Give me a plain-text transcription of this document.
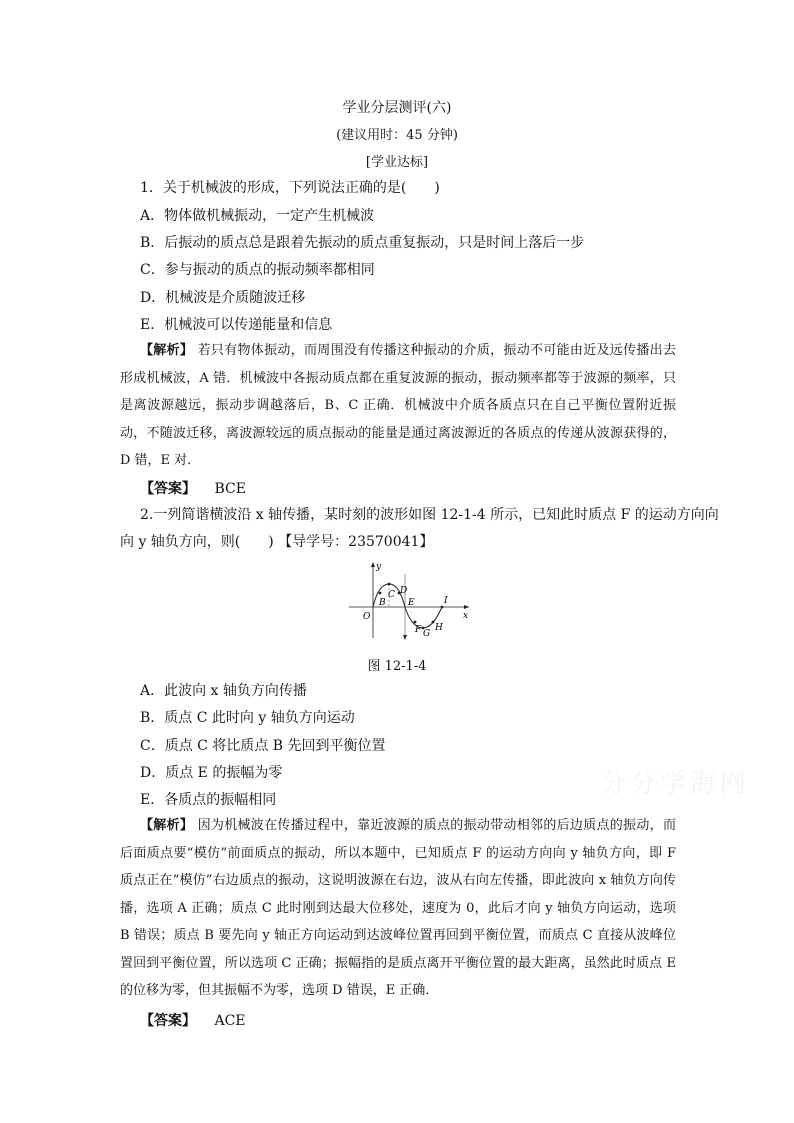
学业分层测评(六)
(建议用时：45 分钟)
[学业达标]
1．关于机械波的形成，下列说法正确的是(　　)
A．物体做机械振动，一定产生机械波
B．后振动的质点总是跟着先振动的质点重复振动，只是时间上落后一步
C．参与振动的质点的振动频率都相同
D．机械波是介质随波迁移
E．机械波可以传递能量和信息
【解析】 若只有物体振动，而周围没有传播这种振动的介质，振动不可能由近及远传播出去形成机械波，A 错．机械波中各振动质点都在重复波源的振动，振动频率都等于波源的频率，只是离波源越远，振动步调越落后，B、C 正确．机械波中介质各质点只在自己平衡位置附近振动，不随波迁移，离波源较远的质点振动的能量是通过离波源近的各质点的传递从波源获得的，D 错，E 对．
【答案】 BCE
2.一列简谐横波沿 x 轴传播，某时刻的波形如图 12-1-4 所示，已知此时质点 F 的运动方向向
向 y 轴负方向，则(　　) 【导学号：23570041】
y
x
O
B
C D
E
F G
H
I
图 12-1-4
A．此波向 x 轴负方向传播
B．质点 C 此时向 y 轴负方向运动
C．质点 C 将比质点 B 先回到平衡位置
D．质点 E 的振幅为零
E．各质点的振幅相同
分分学海网
【解析】 因为机械波在传播过程中，靠近波源的质点的振动带动相邻的后边质点的振动，而后面质点要“模仿”前面质点的振动，所以本题中，已知质点 F 的运动方向向 y 轴负方向，即 F 质点正在“模仿”右边质点的振动，这说明波源在右边，波从右向左传播，即此波向 x 轴负方向传播，选项 A 正确；质点 C 此时刚到达最大位移处，速度为 0，此后才向 y 轴负方向运动，选项 B 错误；质点 B 要先向 y 轴正方向运动到达波峰位置再回到平衡位置，而质点 C 直接从波峰位置回到平衡位置，所以选项 C 正确；振幅指的是质点离开平衡位置的最大距离，虽然此时质点 E 的位移为零，但其振幅不为零，选项 D 错误，E 正确．
【答案】 ACE
